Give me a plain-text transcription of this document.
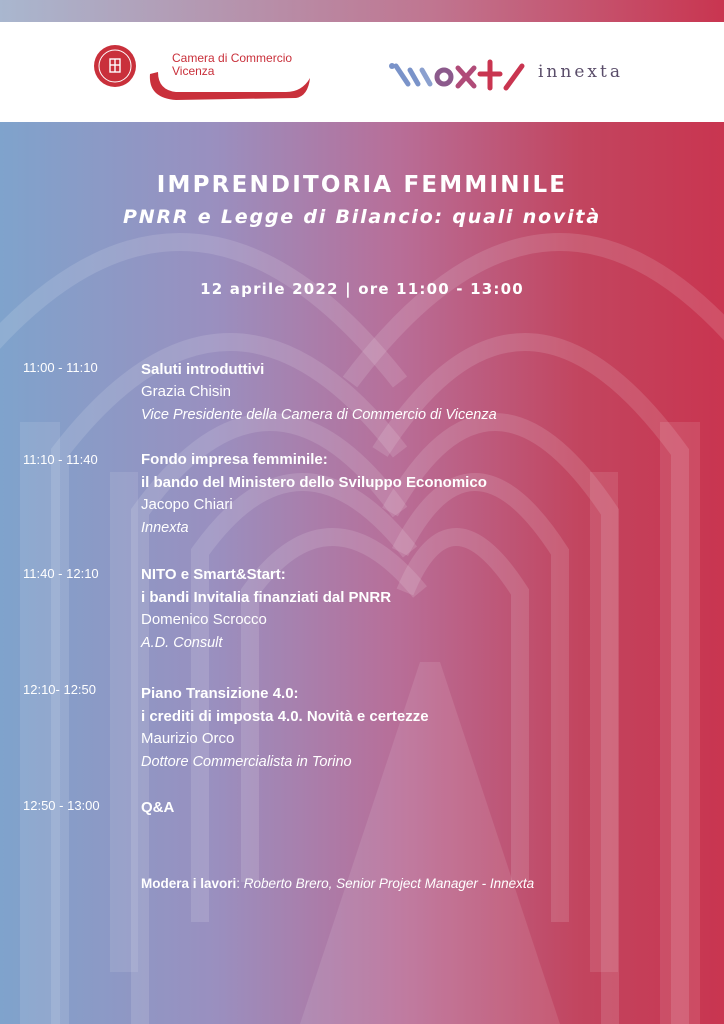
Camera di Commercio
Vicenza	innexta
IMPRENDITORIA FEMMINILE
PNRR e Legge di Bilancio: quali novità
12 aprile 2022 | ore 11:00 - 13:00
11:00 - 11:10	Saluti introduttivi
Grazia Chisin
Vice Presidente della Camera di Commercio di Vicenza
11:10 - 11:40	Fondo impresa femminile:
il bando del Ministero dello Sviluppo Economico
Jacopo Chiari
Innexta
11:40 - 12:10	NITO e Smart&Start:
i bandi Invitalia finanziati dal PNRR
Domenico Scrocco
A.D. Consult
12:10- 12:50	Piano Transizione 4.0:
i crediti di imposta 4.0. Novità e certezze
Maurizio Orco
Dottore Commercialista in Torino
12:50 - 13:00	Q&A
Modera i lavori: Roberto Brero, Senior Project Manager - Innexta
